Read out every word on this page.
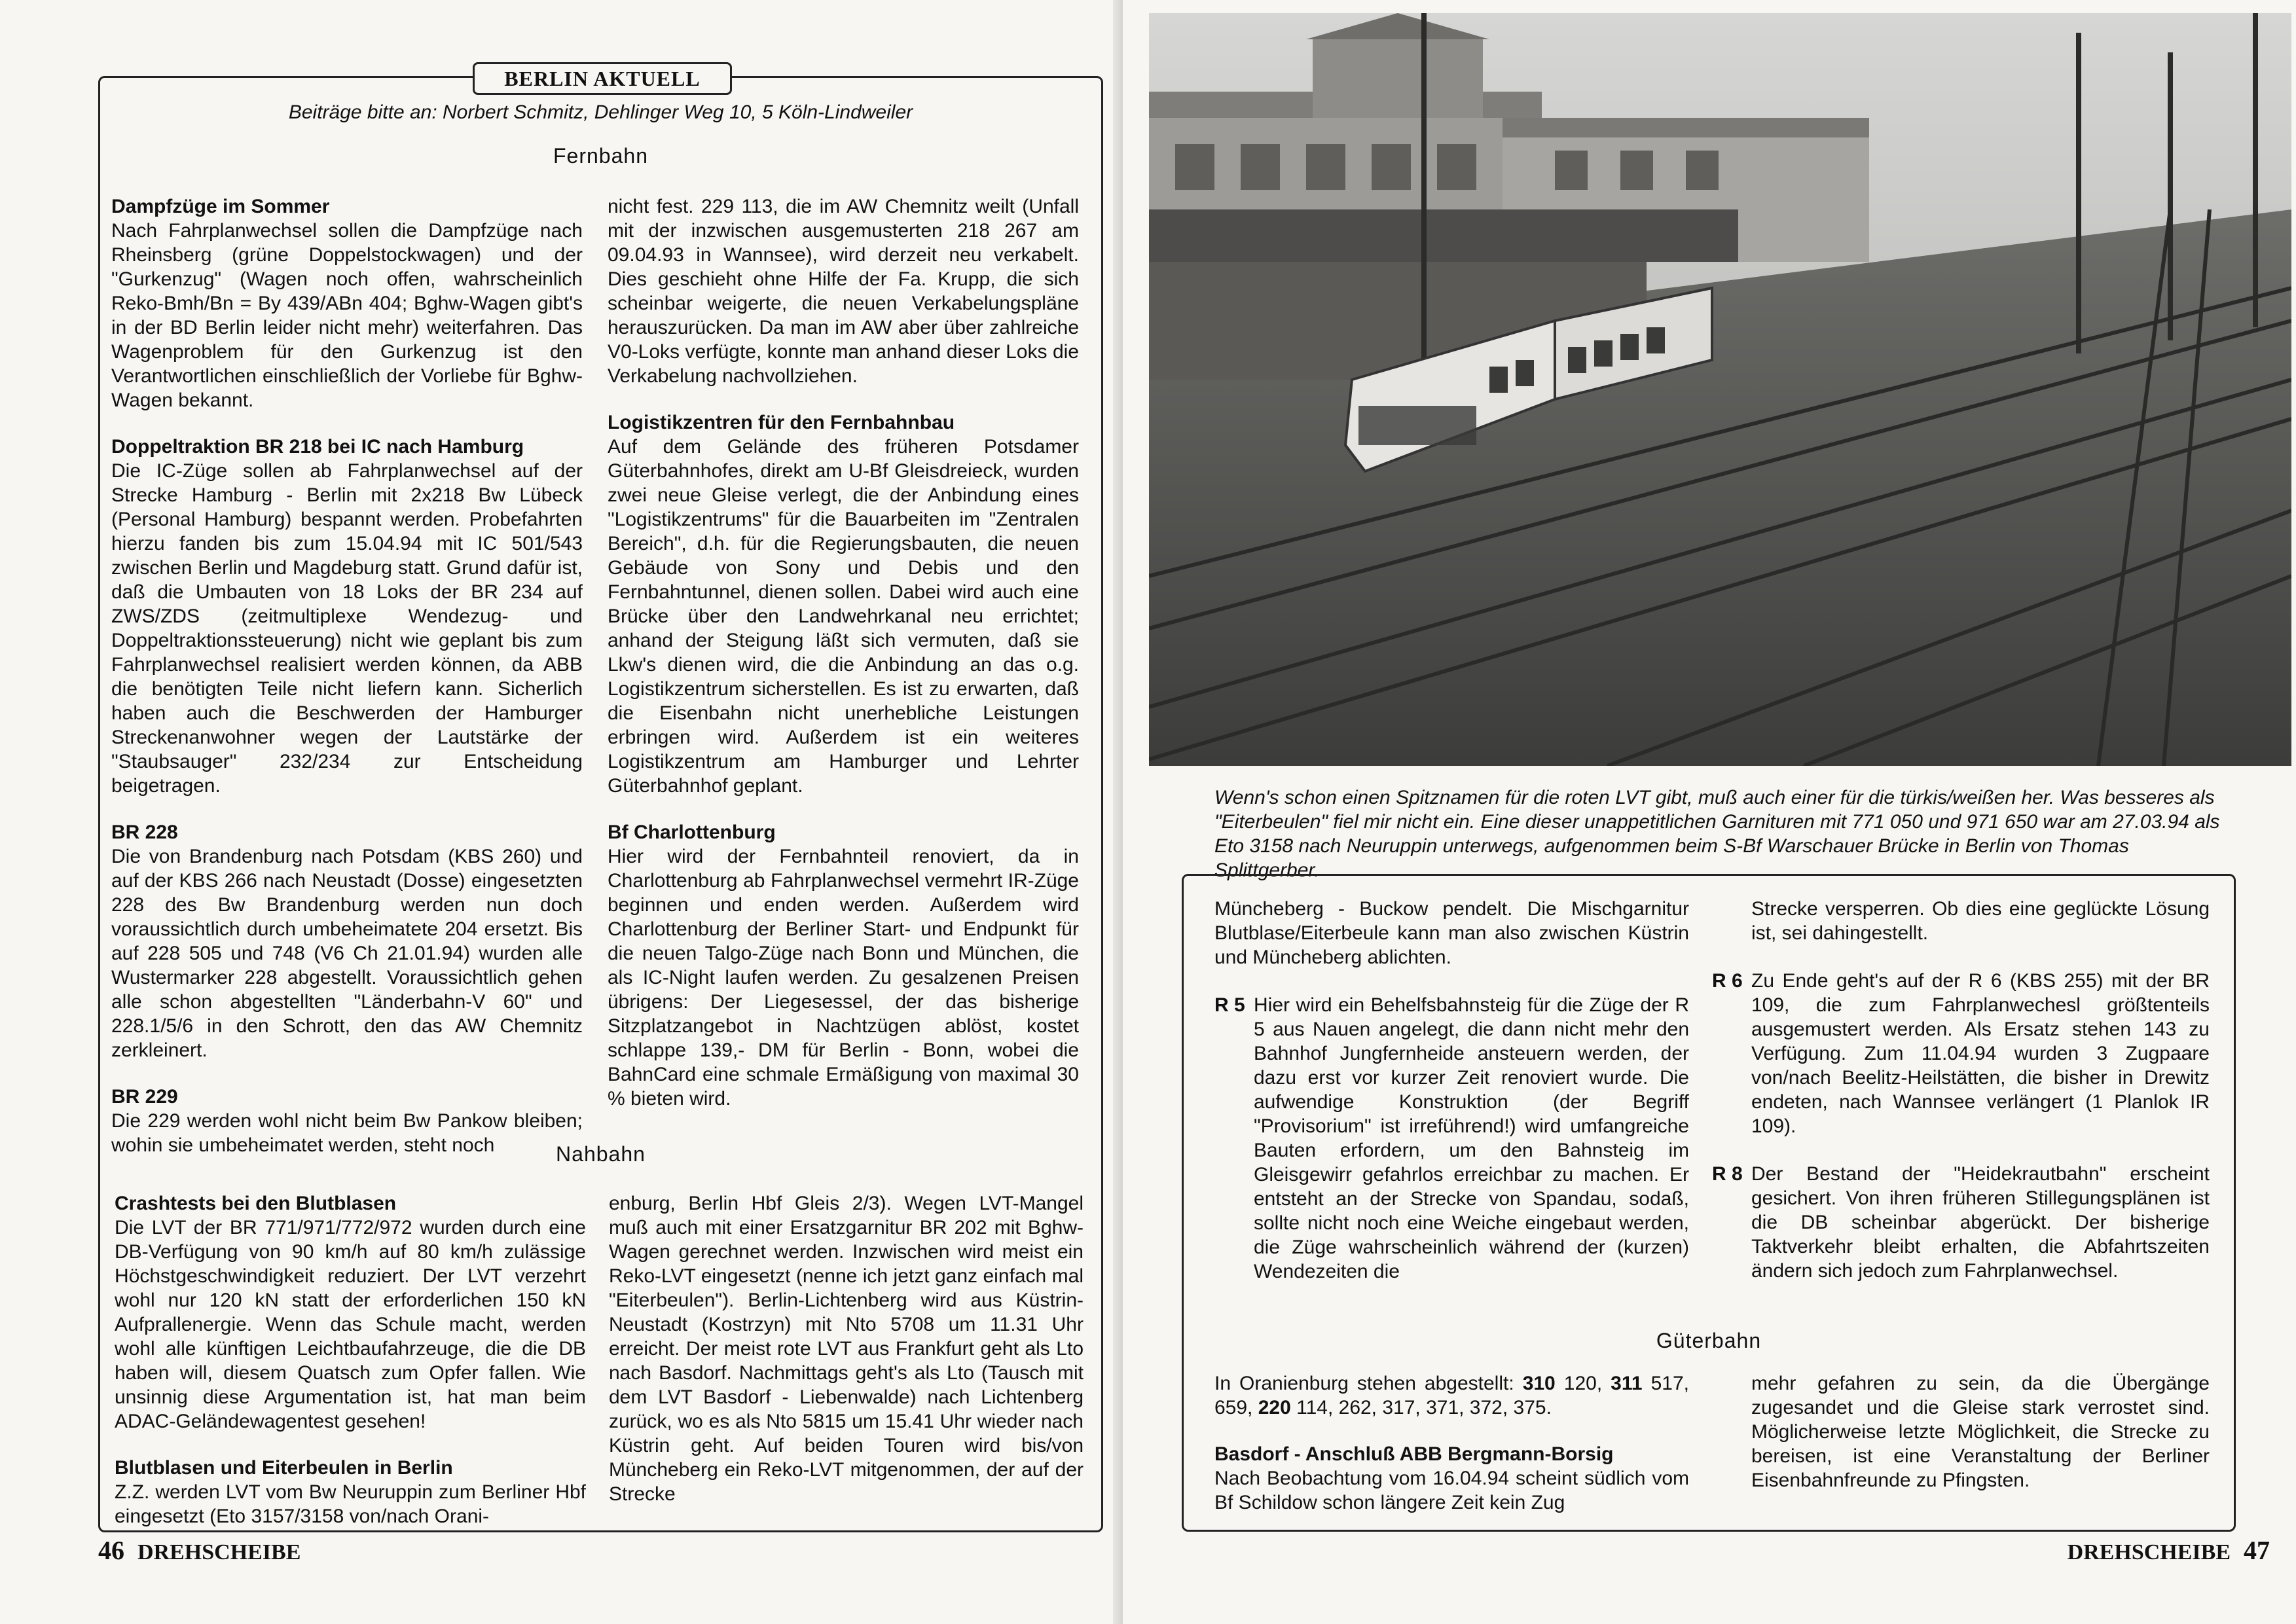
BERLIN AKTUELL
Beiträge bitte an: Norbert Schmitz, Dehlinger Weg 10, 5 Köln-Lindweiler
Fernbahn
Dampfzüge im Sommer

Nach Fahrplanwechsel sollen die Dampfzüge nach Rheinsberg (grüne Doppelstockwagen) und der "Gurkenzug" (Wagen noch offen, wahrscheinlich Reko-Bmh/Bn = By 439/ABn 404; Bghw-Wagen gibt's in der BD Berlin leider nicht mehr) weiterfahren. Das Wagenproblem für den Gurkenzug ist den Verantwortlichen einschließlich der Vorliebe für Bghw-Wagen bekannt.

Doppeltraktion BR 218 bei IC nach Hamburg

Die IC-Züge sollen ab Fahrplanwechsel auf der Strecke Hamburg - Berlin mit 2x218 Bw Lübeck (Personal Hamburg) bespannt werden. Probefahrten hierzu fanden bis zum 15.04.94 mit IC 501/543 zwischen Berlin und Magdeburg statt. Grund dafür ist, daß die Umbauten von 18 Loks der BR 234 auf ZWS/ZDS (zeitmultiplexe Wendezug- und Doppeltraktionssteuerung) nicht wie geplant bis zum Fahrplanwechsel realisiert werden können, da ABB die benötigten Teile nicht liefern kann. Sicherlich haben auch die Beschwerden der Hamburger Streckenanwohner wegen der Lautstärke der "Staubsauger" 232/234 zur Entscheidung beigetragen.

BR 228

Die von Brandenburg nach Potsdam (KBS 260) und auf der KBS 266 nach Neustadt (Dosse) eingesetzten 228 des Bw Brandenburg werden nun doch voraussichtlich durch umbeheimatete 204 ersetzt. Bis auf 228 505 und 748 (V6 Ch 21.01.94) wurden alle Wustermarker 228 abgestellt. Voraussichtlich gehen alle schon abgestellten "Länderbahn-V 60" und 228.1/5/6 in den Schrott, den das AW Chemnitz zerkleinert.

BR 229

Die 229 werden wohl nicht beim Bw Pankow bleiben; wohin sie umbeheimatet werden, steht noch

nicht fest. 229 113, die im AW Chemnitz weilt (Unfall mit der inzwischen ausgemusterten 218 267 am 09.04.93 in Wannsee), wird derzeit neu verkabelt. Dies geschieht ohne Hilfe der Fa. Krupp, die sich scheinbar weigerte, die neuen Verkabelungspläne herauszurücken. Da man im AW aber über zahlreiche V0-Loks verfügte, konnte man anhand dieser Loks die Verkabelung nachvollziehen.

Logistikzentren für den Fernbahnbau

Auf dem Gelände des früheren Potsdamer Güterbahnhofes, direkt am U-Bf Gleisdreieck, wurden zwei neue Gleise verlegt, die der Anbindung eines "Logistikzentrums" für die Bauarbeiten im "Zentralen Bereich", d.h. für die Regierungsbauten, die neuen Gebäude von Sony und Debis und den Fernbahntunnel, dienen sollen. Dabei wird auch eine Brücke über den Landwehrkanal neu errichtet; anhand der Steigung läßt sich vermuten, daß sie Lkw's dienen wird, die die Anbindung an das o.g. Logistikzentrum sicherstellen. Es ist zu erwarten, daß die Eisenbahn nicht unerhebliche Leistungen erbringen wird. Außerdem ist ein weiteres Logistikzentrum am Hamburger und Lehrter Güterbahnhof geplant.

Bf Charlottenburg

Hier wird der Fernbahnteil renoviert, da in Charlottenburg ab Fahrplanwechsel vermehrt IR-Züge beginnen und enden werden. Außerdem wird Charlottenburg der Berliner Start- und Endpunkt für die neuen Talgo-Züge nach Bonn und München, die als IC-Night laufen werden. Zu gesalzenen Preisen übrigens: Der Liegesessel, der das bisherige Sitzplatzangebot in Nachtzügen ablöst, kostet schlappe 139,- DM für Berlin - Bonn, wobei die BahnCard eine schmale Ermäßigung von maximal 30 % bieten wird.

Nahbahn
Crashtests bei den Blutblasen

Die LVT der BR 771/971/772/972 wurden durch eine DB-Verfügung von 90 km/h auf 80 km/h zulässige Höchstgeschwindigkeit reduziert. Der LVT verzehrt wohl nur 120 kN statt der erforderlichen 150 kN Aufprallenergie. Wenn das Schule macht, werden wohl alle künftigen Leichtbaufahrzeuge, die die DB haben will, diesem Quatsch zum Opfer fallen. Wie unsinnig diese Argumentation ist, hat man beim ADAC-Geländewagentest gesehen!

Blutblasen und Eiterbeulen in Berlin

Z.Z. werden LVT vom Bw Neuruppin zum Berliner Hbf eingesetzt (Eto 3157/3158 von/nach Orani-

enburg, Berlin Hbf Gleis 2/3). Wegen LVT-Mangel muß auch mit einer Ersatzgarnitur BR 202 mit Bghw-Wagen gerechnet werden. Inzwischen wird meist ein Reko-LVT eingesetzt (nenne ich jetzt ganz einfach mal "Eiterbeulen"). Berlin-Lichtenberg wird aus Küstrin-Neustadt (Kostrzyn) mit Nto 5708 um 11.31 Uhr erreicht. Der meist rote LVT aus Frankfurt geht als Lto nach Basdorf. Nachmittags geht's als Lto (Tausch mit dem LVT Basdorf - Liebenwalde) nach Lichtenberg zurück, wo es als Nto 5815 um 15.41 Uhr wieder nach Küstrin geht. Auf beiden Touren wird bis/von Müncheberg ein Reko-LVT mitgenommen, der auf der Strecke

46 DREHSCHEIBE
Wenn's schon einen Spitznamen für die roten LVT gibt, muß auch einer für die türkis/weißen her. Was besseres als "Eiterbeulen" fiel mir nicht ein. Eine dieser unappetitlichen Garnituren mit 771 050 und 971 650 war am 27.03.94 als Eto 3158 nach Neuruppin unterwegs, aufgenommen beim S-Bf Warschauer Brücke in Berlin von Thomas Splittgerber.

Müncheberg - Buckow pendelt. Die Mischgarnitur Blutblase/Eiterbeule kann man also zwischen Küstrin und Müncheberg ablichten.

R 5 Hier wird ein Behelfsbahnsteig für die Züge der R 5 aus Nauen angelegt, die dann nicht mehr den Bahnhof Jungfernheide ansteuern werden, der dazu erst vor kurzer Zeit renoviert wurde. Die aufwendige Konstruktion (der Begriff "Provisorium" ist irreführend!) wird umfangreiche Bauten erfordern, um den Bahnsteig im Gleisgewirr gefahrlos erreichbar zu machen. Er entsteht an der Strecke von Spandau, sodaß, sollte nicht noch eine Weiche eingebaut werden, die Züge wahrscheinlich während der (kurzen) Wendezeiten die

Strecke versperren. Ob dies eine geglückte Lösung ist, sei dahingestellt.

R 6 Zu Ende geht's auf der R 6 (KBS 255) mit der BR 109, die zum Fahrplanwechesl größtenteils ausgemustert werden. Als Ersatz stehen 143 zu Verfügung. Zum 11.04.94 wurden 3 Zugpaare von/nach Beelitz-Heilstätten, die bisher in Drewitz endeten, nach Wannsee verlängert (1 Planlok IR 109).
R 8 Der Bestand der "Heidekrautbahn" erscheint gesichert. Von ihren früheren Stillegungsplänen ist die DB scheinbar abgerückt. Der bisherige Taktverkehr bleibt erhalten, die Abfahrtszeiten ändern sich jedoch zum Fahrplanwechsel.
Güterbahn

In Oranienburg stehen abgestellt: 310 120, 311 517, 659, 220 114, 262, 317, 371, 372, 375.

Basdorf - Anschluß ABB Bergmann-Borsig

Nach Beobachtung vom 16.04.94 scheint südlich vom Bf Schildow schon längere Zeit kein Zug

mehr gefahren zu sein, da die Übergänge zugesandet und die Gleise stark verrostet sind. Möglicherweise letzte Möglichkeit, die Strecke zu bereisen, ist eine Veranstaltung der Berliner Eisenbahnfreunde zu Pfingsten.

DREHSCHEIBE 47
